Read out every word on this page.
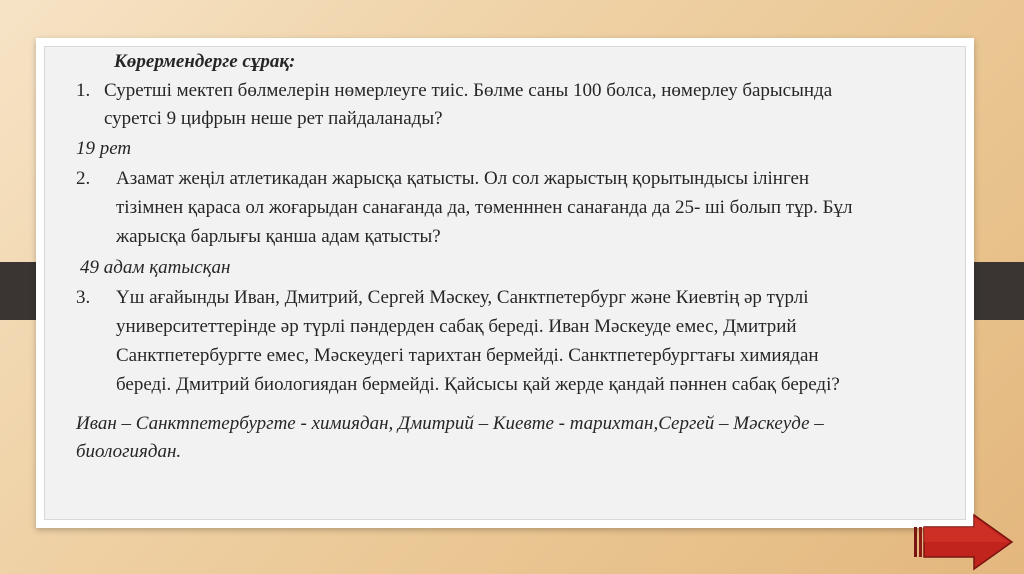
Көрермендерге сұрақ:
1. Суретші мектеп бөлмелерін нөмерлеуге тиіс. Бөлме саны 100 болса, нөмерлеу барысында
суретсі 9 цифрын неше рет пайдаланады?
19 рет
2. Азамат жеңіл атлетикадан жарысқа қатысты. Ол сол жарыстың қорытындысы ілінген
тізімнен қараса ол жоғарыдан санағанда да, төменннен санағанда да 25- ші болып тұр. Бұл
жарысқа барлығы қанша адам қатысты?
49 адам қатысқан
3. Үш ағайынды Иван, Дмитрий, Сергей Мәскеу, Санктпетербург және Киевтің әр түрлі
университеттерінде әр түрлі пәндерден сабақ береді. Иван Мәскеуде емес, Дмитрий
Санктпетербургте емес, Мәскеудегі тарихтан бермейді. Санктпетербургтағы химиядан
береді. Дмитрий биологиядан бермейді. Қайсысы қай жерде қандай пәннен сабақ береді?
Иван – Санктпетербургте - химиядан, Дмитрий – Киевте - тарихтан,Сергей – Мәскеуде –
биологиядан.
